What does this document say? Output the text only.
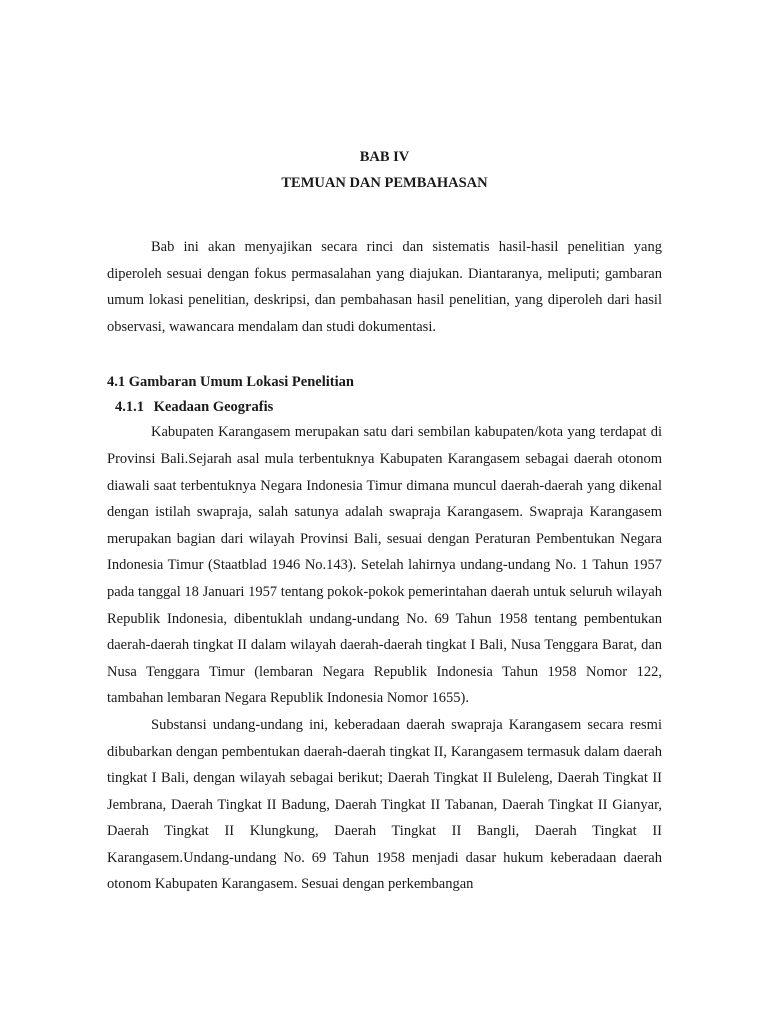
BAB IV
TEMUAN DAN PEMBAHASAN

Bab ini akan menyajikan secara rinci dan sistematis hasil-hasil penelitian yang diperoleh sesuai dengan fokus permasalahan yang diajukan. Diantaranya, meliputi; gambaran umum lokasi penelitian, deskripsi, dan pembahasan hasil penelitian, yang diperoleh dari hasil observasi, wawancara mendalam dan studi dokumentasi.

4.1 Gambaran Umum Lokasi Penelitian
4.1.1 Keadaan Geografis

Kabupaten Karangasem merupakan satu dari sembilan kabupaten/kota yang terdapat di Provinsi Bali.Sejarah asal mula terbentuknya Kabupaten Karangasem sebagai daerah otonom diawali saat terbentuknya Negara Indonesia Timur dimana muncul daerah-daerah yang dikenal dengan istilah swapraja, salah satunya adalah swapraja Karangasem. Swapraja Karangasem merupakan bagian dari wilayah Provinsi Bali, sesuai dengan Peraturan Pembentukan Negara Indonesia Timur (Staatblad 1946 No.143). Setelah lahirnya undang-undang No. 1 Tahun 1957 pada tanggal 18 Januari 1957 tentang pokok-pokok pemerintahan daerah untuk seluruh wilayah Republik Indonesia, dibentuklah undang-undang No. 69 Tahun 1958 tentang pembentukan daerah-daerah tingkat II dalam wilayah daerah-daerah tingkat I Bali, Nusa Tenggara Barat, dan Nusa Tenggara Timur (lembaran Negara Republik Indonesia Tahun 1958 Nomor 122, tambahan lembaran Negara Republik Indonesia Nomor 1655).

Substansi undang-undang ini, keberadaan daerah swapraja Karangasem secara resmi dibubarkan dengan pembentukan daerah-daerah tingkat II, Karangasem termasuk dalam daerah tingkat I Bali, dengan wilayah sebagai berikut; Daerah Tingkat II Buleleng, Daerah Tingkat II Jembrana, Daerah Tingkat II Badung, Daerah Tingkat II Tabanan, Daerah Tingkat II Gianyar, Daerah Tingkat II Klungkung, Daerah Tingkat II Bangli, Daerah Tingkat II Karangasem.Undang-undang No. 69 Tahun 1958 menjadi dasar hukum keberadaan daerah otonom Kabupaten Karangasem. Sesuai dengan perkembangan
